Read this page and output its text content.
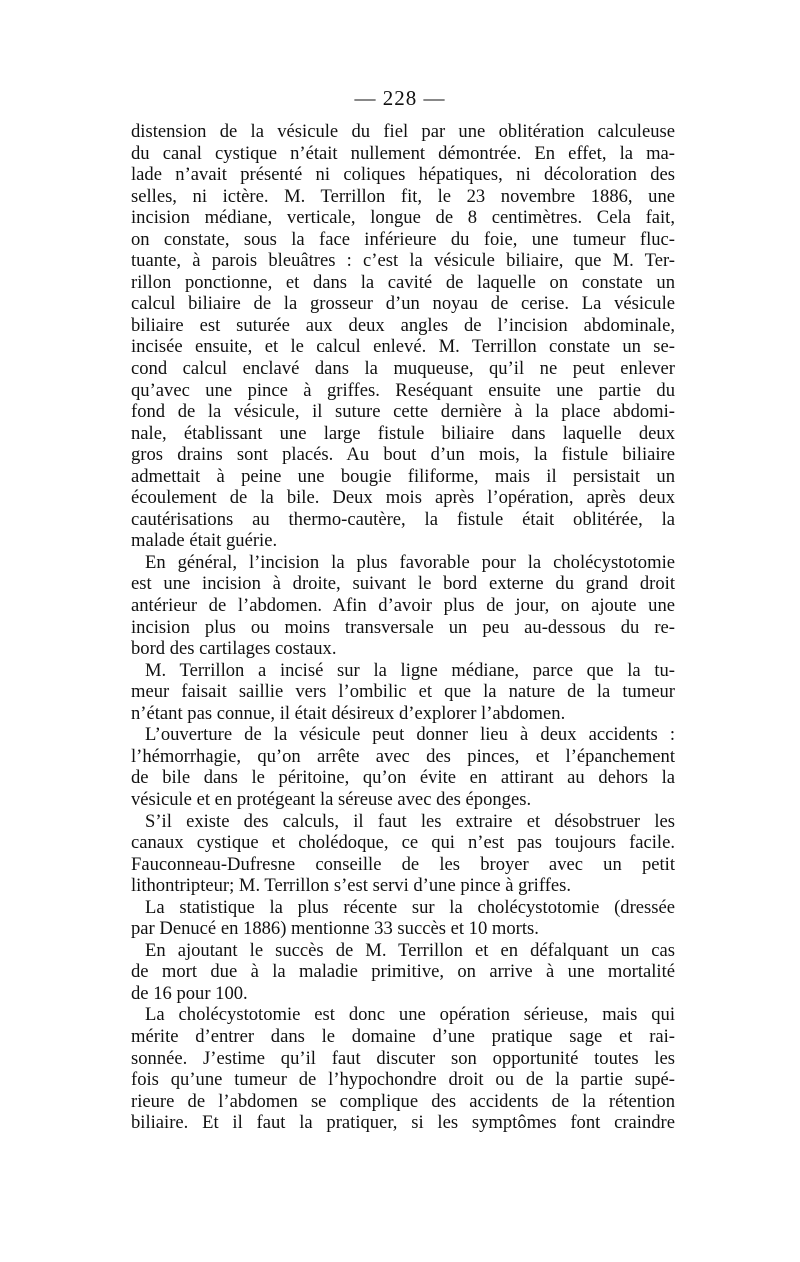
— 228 —
distension de la vésicule du fiel par une oblitération calculeuse
du canal cystique n’était nullement démontrée. En effet, la ma-
lade n’avait présenté ni coliques hépatiques, ni décoloration des
selles, ni ictère. M. Terrillon fit, le 23 novembre 1886, une
incision médiane, verticale, longue de 8 centimètres. Cela fait,
on constate, sous la face inférieure du foie, une tumeur fluc-
tuante, à parois bleuâtres : c’est la vésicule biliaire, que M. Ter-
rillon ponctionne, et dans la cavité de laquelle on constate un
calcul biliaire de la grosseur d’un noyau de cerise. La vésicule
biliaire est suturée aux deux angles de l’incision abdominale,
incisée ensuite, et le calcul enlevé. M. Terrillon constate un se-
cond calcul enclavé dans la muqueuse, qu’il ne peut enlever
qu’avec une pince à griffes. Reséquant ensuite une partie du
fond de la vésicule, il suture cette dernière à la place abdomi-
nale, établissant une large fistule biliaire dans laquelle deux
gros drains sont placés. Au bout d’un mois, la fistule biliaire
admettait à peine une bougie filiforme, mais il persistait un
écoulement de la bile. Deux mois après l’opération, après deux
cautérisations au thermo-cautère, la fistule était oblitérée, la
malade était guérie.
En général, l’incision la plus favorable pour la cholécystotomie
est une incision à droite, suivant le bord externe du grand droit
antérieur de l’abdomen. Afin d’avoir plus de jour, on ajoute une
incision plus ou moins transversale un peu au-dessous du re-
bord des cartilages costaux.
M. Terrillon a incisé sur la ligne médiane, parce que la tu-
meur faisait saillie vers l’ombilic et que la nature de la tumeur
n’étant pas connue, il était désireux d’explorer l’abdomen.
L’ouverture de la vésicule peut donner lieu à deux accidents :
l’hémorrhagie, qu’on arrête avec des pinces, et l’épanchement
de bile dans le péritoine, qu’on évite en attirant au dehors la
vésicule et en protégeant la séreuse avec des éponges.
S’il existe des calculs, il faut les extraire et désobstruer les
canaux cystique et cholédoque, ce qui n’est pas toujours facile.
Fauconneau-Dufresne conseille de les broyer avec un petit
lithontripteur; M. Terrillon s’est servi d’une pince à griffes.
La statistique la plus récente sur la cholécystotomie (dressée
par Denucé en 1886) mentionne 33 succès et 10 morts.
En ajoutant le succès de M. Terrillon et en défalquant un cas
de mort due à la maladie primitive, on arrive à une mortalité
de 16 pour 100.
La cholécystotomie est donc une opération sérieuse, mais qui
mérite d’entrer dans le domaine d’une pratique sage et rai-
sonnée. J’estime qu’il faut discuter son opportunité toutes les
fois qu’une tumeur de l’hypochondre droit ou de la partie supé-
rieure de l’abdomen se complique des accidents de la rétention
biliaire. Et il faut la pratiquer, si les symptômes font craindre
